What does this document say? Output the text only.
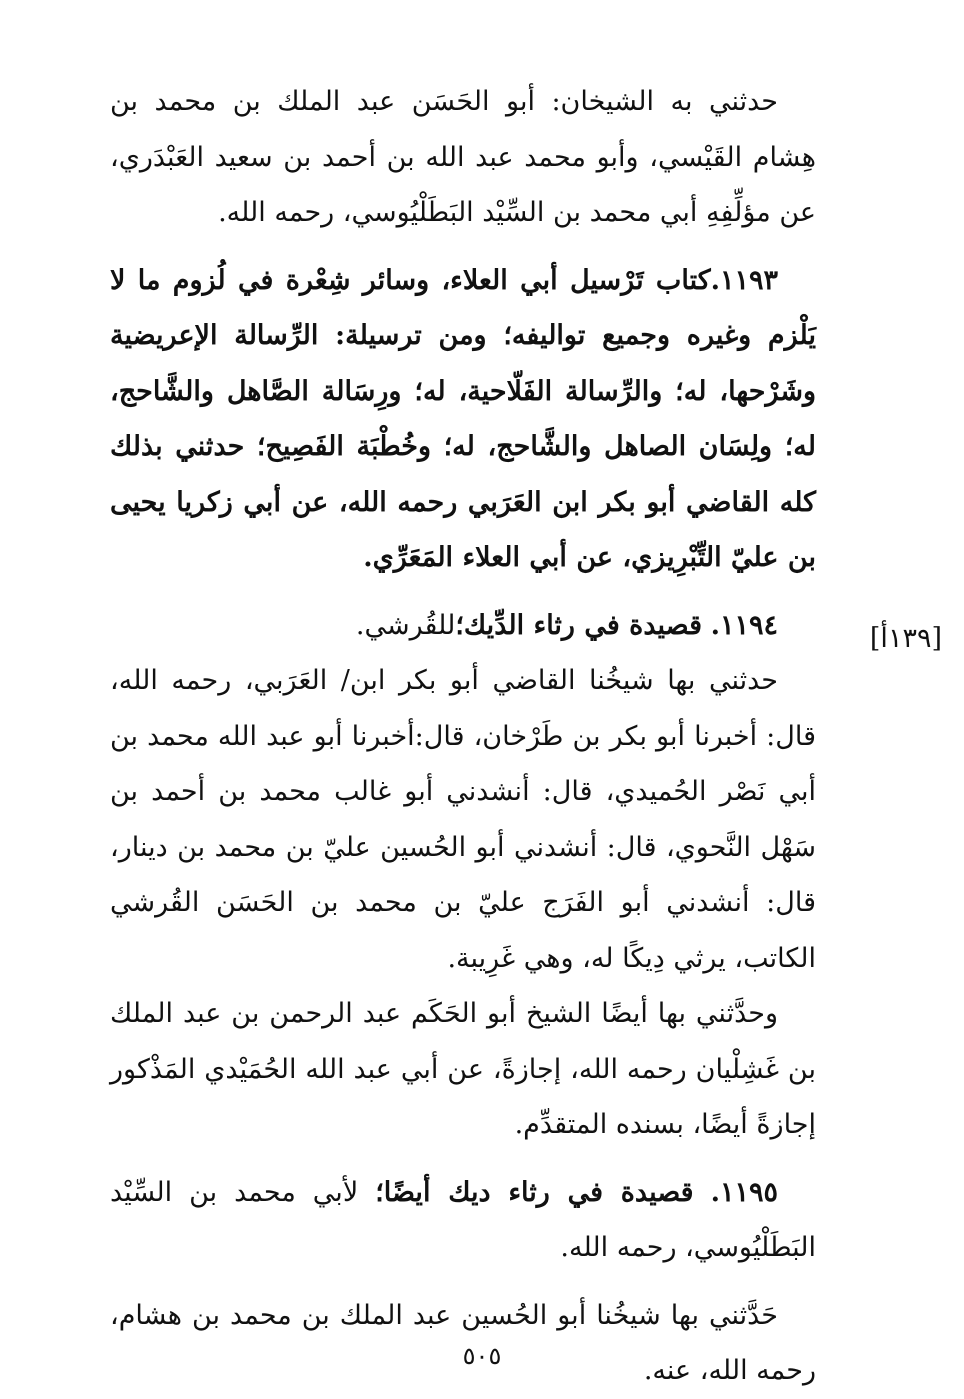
حدثني به الشيخان: أبو الحَسَن عبد الملك بن محمد بن هِشام القَيْسي، وأبو محمد عبد الله بن أحمد بن سعيد العَبْدَري، عن مؤلِّفِهِ أبي محمد بن السِّيْد البَطَلْيُوسي، رحمه الله.

١١٩٣.كتاب تَرْسيل أبي العلاء، وسائر شِعْرة في لُزوم ما لا يَلْزم وغيره وجميع تواليفه؛ ومن ترسيلة: الرِّسالة الإعريضية وشَرْحها، له؛ والرِّسالة الفَلّاحية، له؛ ورِسَالة الصَّاهل والشَّاحج، له؛ ولِسَان الصاهل والشَّاحج، له؛ وخُطْبَة الفَصِيح؛ حدثني بذلك كله القاضي أبو بكر ابن العَرَبي رحمه الله، عن أبي زكريا يحيى بن عليّ التِّبْرِيزي، عن أبي العلاء المَعَرِّي.

١١٩٤. قصيدة في رثاء الدِّيك؛للقُرشي.

حدثني بها شيخُنا القاضي أبو بكر ابن/ العَرَبي، رحمه الله، قال: أخبرنا أبو بكر بن طَرْخان، قال:أخبرنا أبو عبد الله محمد بن أبي نَصْر الحُميدي، قال: أنشدني أبو غالب محمد بن أحمد بن سَهْل النَّحوي، قال: أنشدني أبو الحُسين عليّ بن محمد بن دينار، قال: أنشدني أبو الفَرَج عليّ بن محمد بن الحَسَن القُرشي الكاتب، يرثي دِيكًا له، وهي غَرِيبة.

وحدَّثني بها أيضًا الشيخ أبو الحَكَم عبد الرحمن بن عبد الملك بن غَشِلْيان رحمه الله، إجازةً، عن أبي عبد الله الحُمَيْدي المَذْكور إجازةً أيضًا، بسنده المتقدِّم.

١١٩٥. قصيدة في رثاء ديك أيضًا؛ لأبي محمد بن السِّيْد البَطَلْيُوسي، رحمه الله.

حَدَّثني بها شيخُنا أبو الحُسين عبد الملك بن محمد بن هشام، رحمه الله، عنه.

[١٣٩أ]
٥٠٥
